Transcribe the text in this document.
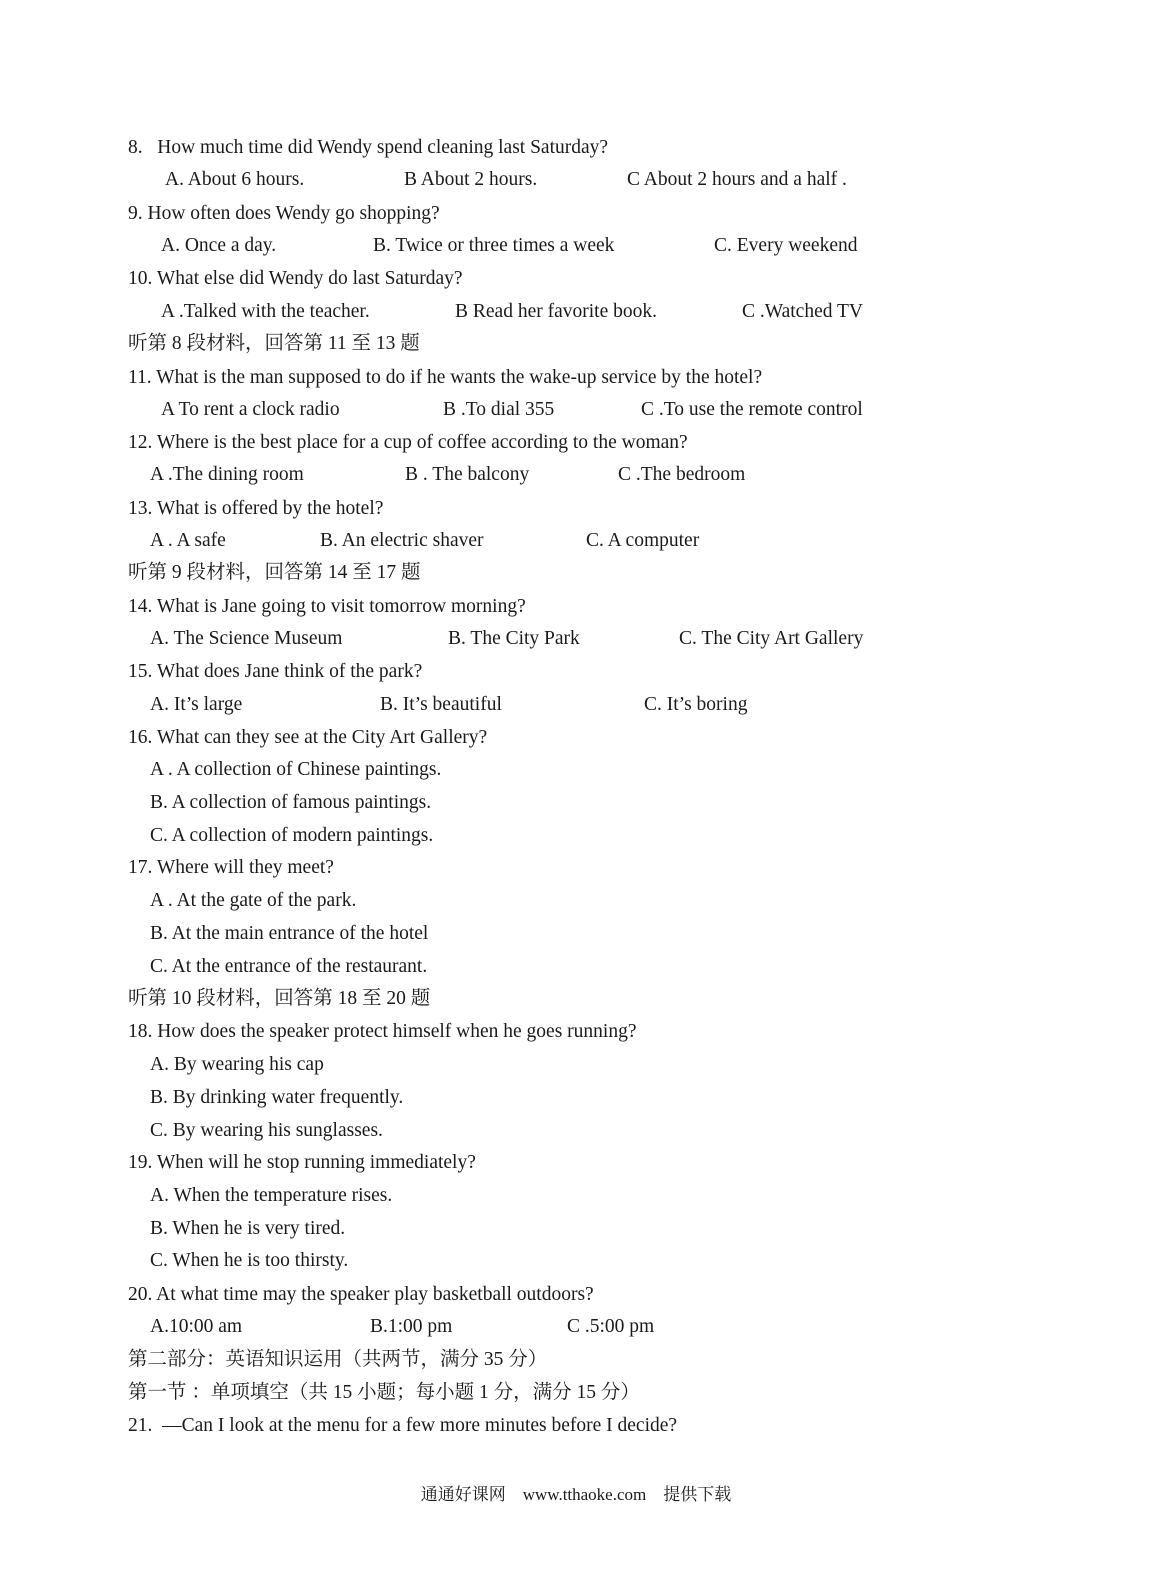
8.   How much time did Wendy spend cleaning last Saturday?
A. About 6 hours.	B About 2 hours.	C About 2 hours and a half .
9. How often does Wendy go shopping?
A. Once a day.	B. Twice or three times a week	C. Every weekend
10. What else did Wendy do last Saturday?
A .Talked with the teacher.	B Read her favorite book.	C .Watched TV
听第 8 段材料，回答第 11 至 13 题
11. What is the man supposed to do if he wants the wake-up service by the hotel?
A To rent a clock radio	B .To dial 355	C .To use the remote control
12. Where is the best place for a cup of coffee according to the woman?
A .The dining room	B . The balcony	C .The bedroom
13. What is offered by the hotel?
A . A safe	B. An electric shaver	C. A computer
听第 9 段材料，回答第 14 至 17 题
14. What is Jane going to visit tomorrow morning?
A. The Science Museum	B. The City Park	C. The City Art Gallery
15. What does Jane think of the park?
A. It’s large	B. It’s beautiful	C. It’s boring
16. What can they see at the City Art Gallery?
A . A collection of Chinese paintings.
B. A collection of famous paintings.
C. A collection of modern paintings.
17. Where will they meet?
A . At the gate of the park.
B. At the main entrance of the hotel
C. At the entrance of the restaurant.
听第 10 段材料，回答第 18 至 20 题
18. How does the speaker protect himself when he goes running?
A. By wearing his cap
B. By drinking water frequently.
C. By wearing his sunglasses.
19. When will he stop running immediately?
A. When the temperature rises.
B. When he is very tired.
C. When he is too thirsty.
20. At what time may the speaker play basketball outdoors?
A.10:00 am	B.1:00 pm	C .5:00 pm
第二部分：英语知识运用（共两节，满分 35 分）
第一节 ：单项填空（共 15 小题；每小题 1 分，满分 15 分）
21.  —Can I look at the menu for a few more minutes before I decide?
通通好课网　www.tthaoke.com　提供下载
